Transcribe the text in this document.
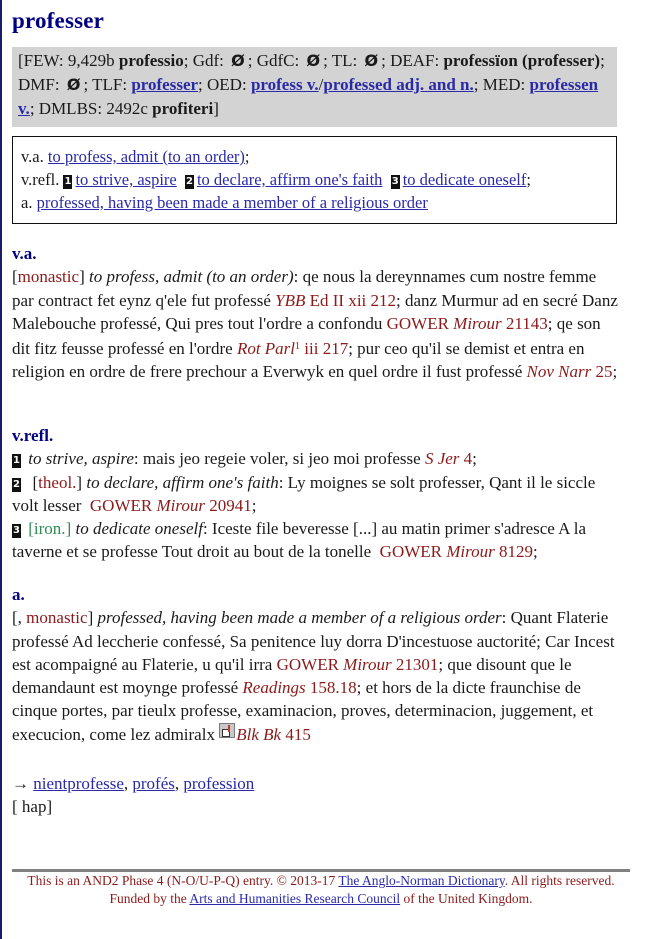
professer
[FEW: 9,429b professio; Gdf: Ø ; GdfC: Ø ; TL: Ø ; DEAF: professïon (professer); DMF: Ø ; TLF: professer; OED: profess v./professed adj. and n.; MED: professen v.; DMLBS: 2492c profiteri]
v.a. to profess, admit (to an order);
v.refl. 1 to strive, aspire 2 to declare, affirm one's faith 3 to dedicate oneself;
a. professed, having been made a member of a religious order
v.a.
[monastic] to profess, admit (to an order): qe nous la dereynnames cum nostre femme par contract fet eynz q'ele fut professé YBB Ed II xii 212; danz Murmur ad en secré Danz Malebouche professé, Qui pres tout l'ordre a confondu GOWER Mirour 21143; qe son dit fitz feusse professé en l'ordre Rot Parl$^1$ iii 217; pur ceo qu'il se demist et entra en religion en ordre de frere prechour a Everwyk en quel ordre il fust professé Nov Narr 25;
v.refl.
1 to strive, aspire: mais jeo regeie voler, si jeo moi professe S Jer 4;
2  [theol.] to declare, affirm one's faith: Ly moignes se solt professer, Qant il le siccle volt lesser  GOWER Mirour 20941;
3 [iron.] to dedicate oneself: Iceste file beveresse [...] au matin primer s'adresce A la taverne et se professe Tout droit au bout de la tonelle  GOWER Mirour 8129;
a.
[, monastic] professed, having been made a member of a religious order: Quant Flaterie professé Ad leccherie confessé, Sa penitence luy dorra D'incestuose auctorité; Car Incest est acompaigné au Flaterie, u qu'il irra GOWER Mirour 21301; que disount que le demandaunt est moynge professé Readings 158.18; et hors de la dicte fraunchise de cinque portes, par tieulx professe, examinacion, proves, determinacion, juggement, et execucion, come lez admiralx Blk Bk 415
→ nientprofesse, profés, profession
[ hap]
This is an AND2 Phase 4 (N-O/U-P-Q) entry. © 2013-17 The Anglo-Norman Dictionary. All rights reserved.
Funded by the Arts and Humanities Research Council of the United Kingdom.
